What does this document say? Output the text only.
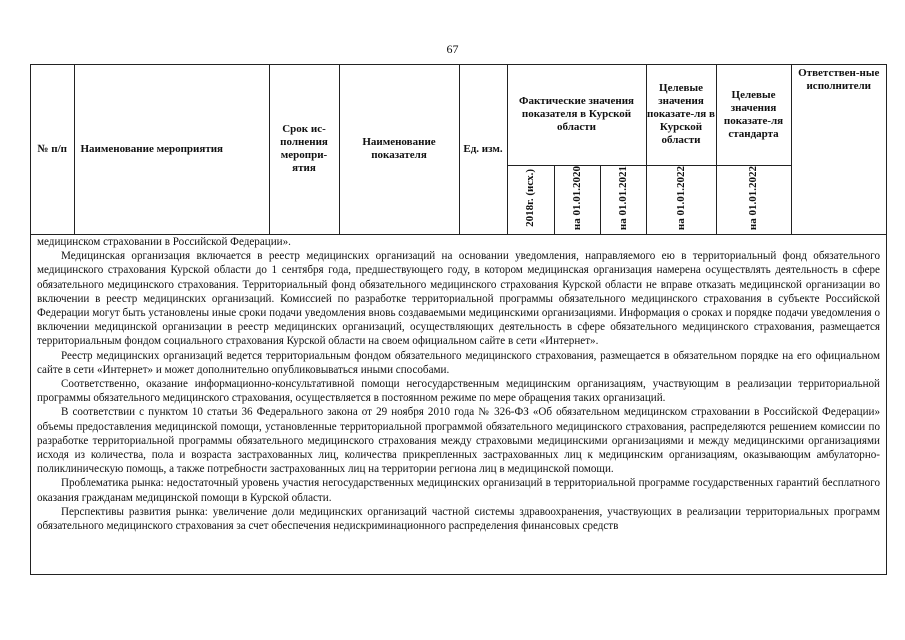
67
№ п/п	Наименование мероприятия	Срок ис-полнения меропри-ятия	Наименование показателя	Ед. изм.	Фактические значения показателя в Курской области			Целевые значения показате-ля в Курской области	Целевые значения показате-ля стандарта	Ответствен-ные исполнители
					2018г. (исх.)	на 01.01.2020	на 01.01.2021	на 01.01.2022	на 01.01.2022	

медицинском страховании в Российской Федерации».

Медицинская организация включается в реестр медицинских организаций на основании уведомления, направляемого ею в территориальный фонд обязательного медицинского страхования Курской области до 1 сентября года, предшествующего году, в котором медицинская организация намерена осуществлять деятельность в сфере обязательного медицинского страхования. Территориальный фонд обязательного медицинского страхования Курской области не вправе отказать медицинской организации во включении в реестр медицинских организаций. Комиссией по разработке территориальной программы обязательного медицинского страхования в субъекте Российской Федерации могут быть установлены иные сроки подачи уведомления вновь создаваемыми медицинскими организациями. Информация о сроках и порядке подачи уведомления о включении медицинской организации в реестр медицинских организаций, осуществляющих деятельность в сфере обязательного медицинского страхования, размещается территориальным фондом социального страхования Курской области на своем официальном сайте в сети «Интернет».

Реестр медицинских организаций ведется территориальным фондом обязательного медицинского страхования, размещается в обязательном порядке на его официальном сайте в сети «Интернет» и может дополнительно опубликовываться иными способами.

Соответственно, оказание информационно-консультативной помощи негосударственным медицинским организациям, участвующим в реализации территориальной программы обязательного медицинского страхования, осуществляется в постоянном режиме по мере обращения таких организаций.

В соответствии с пунктом 10 статьи 36 Федерального закона от 29 ноября 2010 года № 326-ФЗ «Об обязательном медицинском страховании в Российской Федерации» объемы предоставления медицинской помощи, установленные территориальной программой обязательного медицинского страхования, распределяются решением комиссии по разработке территориальной программы обязательного медицинского страхования между страховыми медицинскими организациями и между медицинскими организациями исходя из количества, пола и возраста застрахованных лиц, количества прикрепленных застрахованных лиц к медицинским организациям, оказывающим амбулаторно-поликлиническую помощь, а также потребности застрахованных лиц на территории региона лиц в медицинской помощи.

Проблематика рынка: недостаточный уровень участия негосударственных медицинских организаций в территориальной программе государственных гарантий бесплатного оказания гражданам медицинской помощи в Курской области.

Перспективы развития рынка: увеличение доли медицинских организаций частной системы здравоохранения, участвующих в реализации территориальных программ обязательного медицинского страхования за счет обеспечения недискриминационного распределения финансовых средств
